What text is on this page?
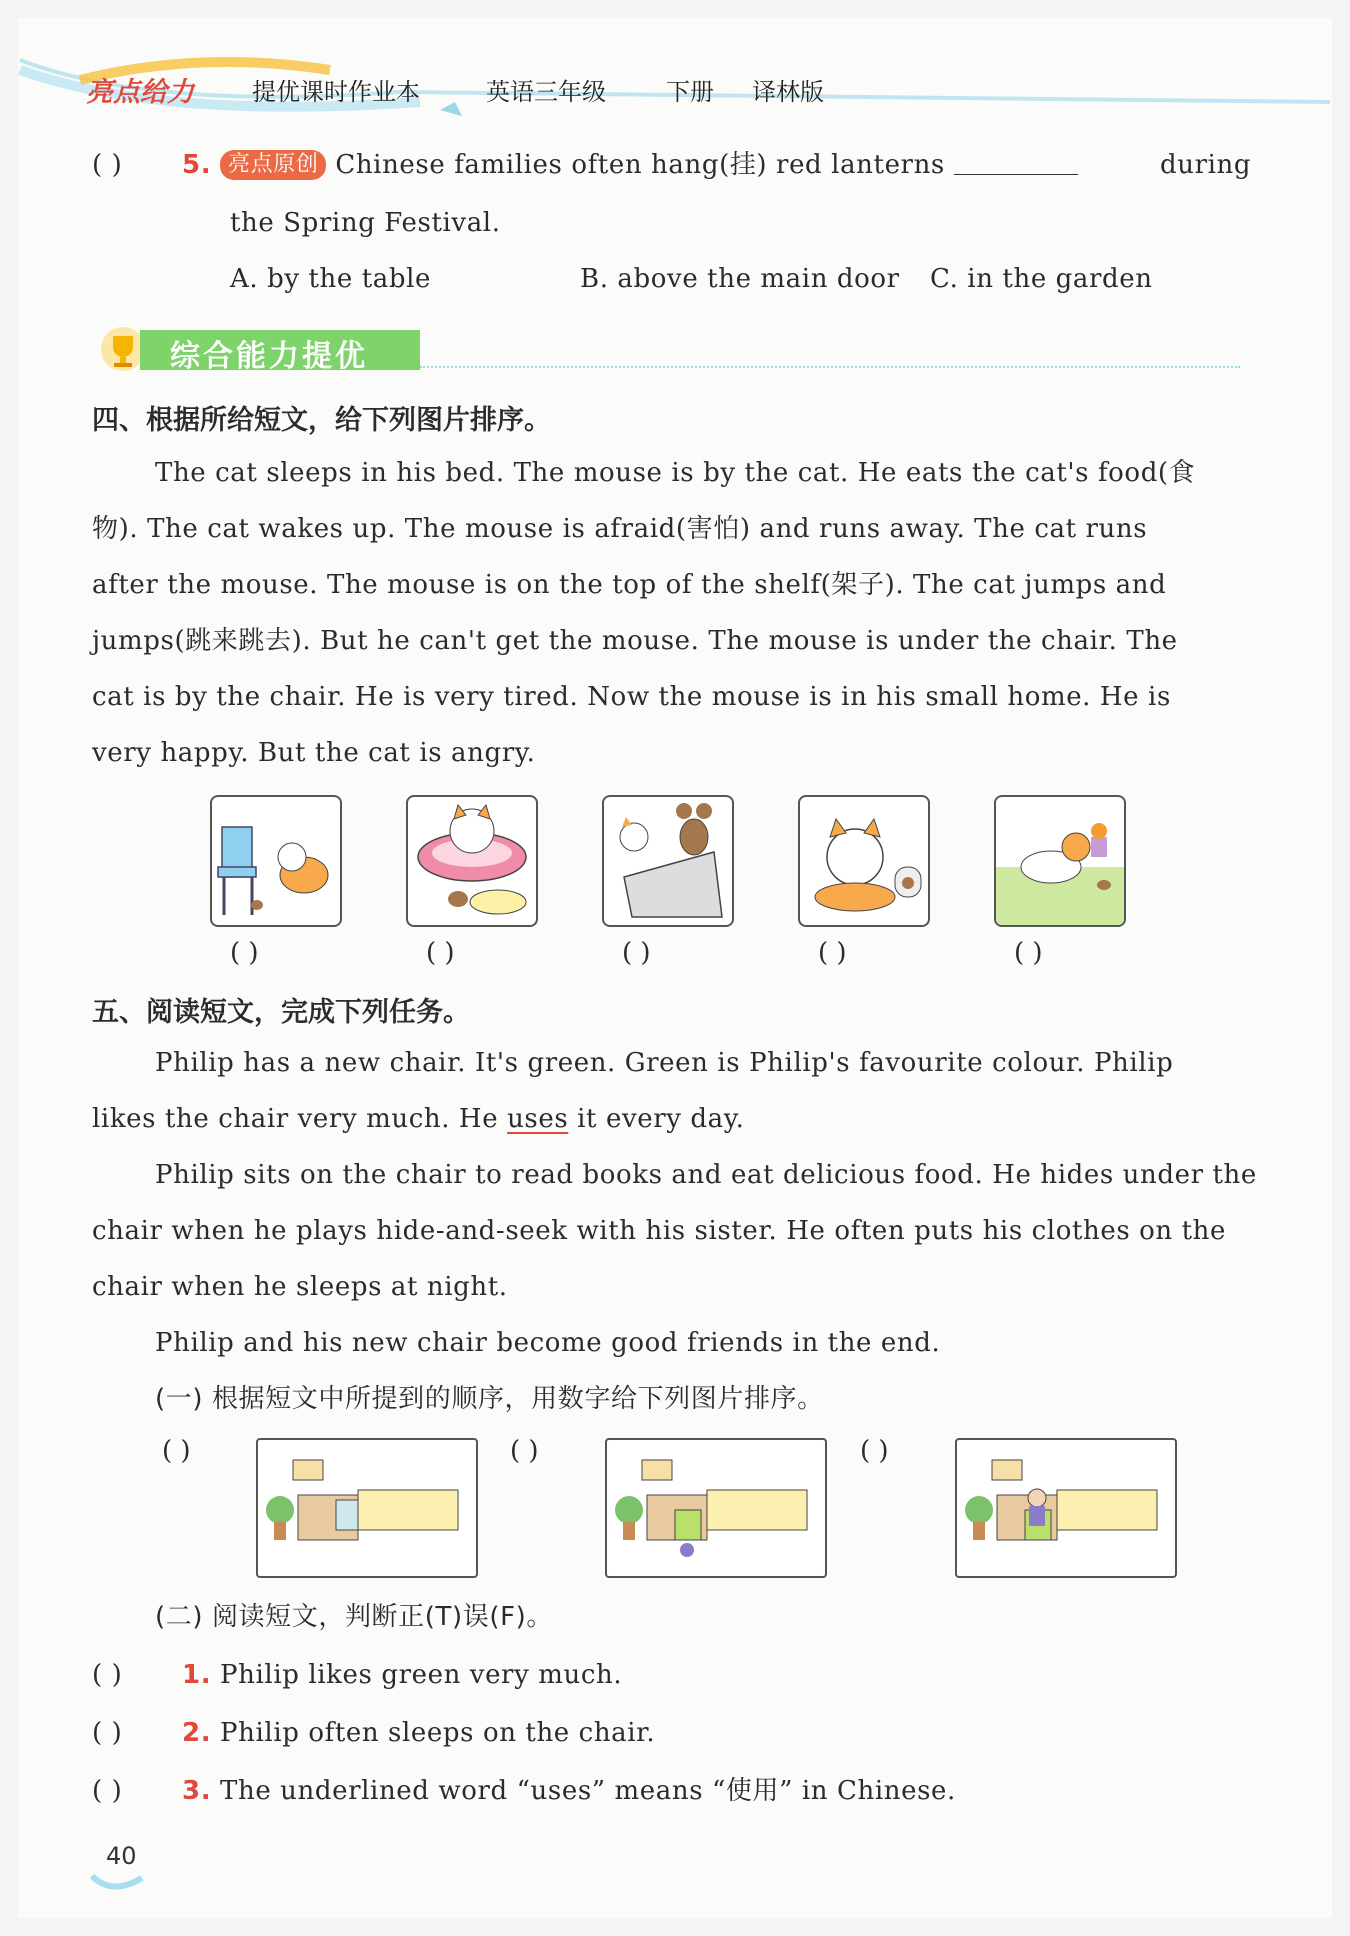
亮点给力 提优课时作业本	英语三年级	下册 译林版
( ) 5. 亮点原创 Chinese families often hang(挂) red lanterns	during
the Spring Festival.
A. by the table	B. above the main door C. in the garden
综合能力提优
四、根据所给短文，给下列图片排序。
The cat sleeps in his bed. The mouse is by the cat. He eats the cat's food(食
物). The cat wakes up. The mouse is afraid(害怕) and runs away. The cat runs
after the mouse. The mouse is on the top of the shelf(架子). The cat jumps and
jumps(跳来跳去). But he can't get the mouse. The mouse is under the chair. The
cat is by the chair. He is very tired. Now the mouse is in his small home. He is
very happy. But the cat is angry.
( )	( )	( )	( )	( )
五、阅读短文，完成下列任务。
Philip has a new chair. It's green. Green is Philip's favourite colour. Philip
likes the chair very much. He uses it every day.
Philip sits on the chair to read books and eat delicious food. He hides under the
chair when he plays hide-and-seek with his sister. He often puts his clothes on the
chair when he sleeps at night.
Philip and his new chair become good friends in the end.
(一) 根据短文中所提到的顺序，用数字给下列图片排序。
( )	( )	( )
(二) 阅读短文，判断正(T)误(F)。
( ) 1. Philip likes green very much.
( ) 2. Philip often sleeps on the chair.
( ) 3. The underlined word “uses” means “使用” in Chinese.
40
